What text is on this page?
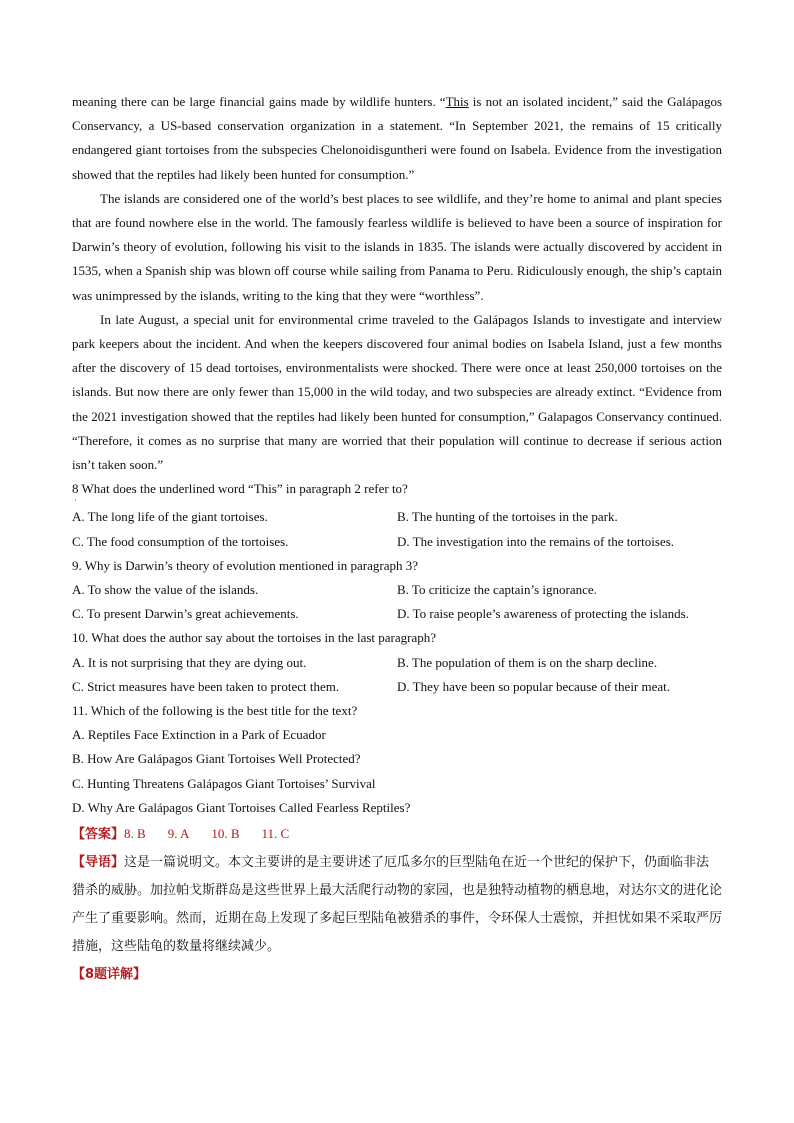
meaning there can be large financial gains made by wildlife hunters. “This is not an isolated incident,” said the Galápagos Conservancy, a US-based conservation organization in a statement. “In September 2021, the remains of 15 critically endangered giant tortoises from the subspecies Chelonoidisguntheri were found on Isabela. Evidence from the investigation showed that the reptiles had likely been hunted for consumption.”

The islands are considered one of the world’s best places to see wildlife, and they’re home to animal and plant species that are found nowhere else in the world. The famously fearless wildlife is believed to have been a source of inspiration for Darwin’s theory of evolution, following his visit to the islands in 1835. The islands were actually discovered by accident in 1535, when a Spanish ship was blown off course while sailing from Panama to Peru. Ridiculously enough, the ship’s captain was unimpressed by the islands, writing to the king that they were “worthless”.

In late August, a special unit for environmental crime traveled to the Galápagos Islands to investigate and interview park keepers about the incident. And when the keepers discovered four animal bodies on Isabela Island, just a few months after the discovery of 15 dead tortoises, environmentalists were shocked. There were once at least 250,000 tortoises on the islands. But now there are only fewer than 15,000 in the wild today, and two subspecies are already extinct. “Evidence from the 2021 investigation showed that the reptiles had likely been hunted for consumption,” Galapagos Conservancy continued. “Therefore, it comes as no surprise that many are worried that their population will continue to decrease if serious action isn’t taken soon.”

8 What does the underlined word “This” in paragraph 2 refer to?

·
A. The long life of the giant tortoises.	B. The hunting of the tortoises in the park.
C. The food consumption of the tortoises.	D. The investigation into the remains of the tortoises.

9. Why is Darwin’s theory of evolution mentioned in paragraph 3?

A. To show the value of the islands.	B. To criticize the captain’s ignorance.
C. To present Darwin’s great achievements.	D. To raise people’s awareness of protecting the islands.

10. What does the author say about the tortoises in the last paragraph?

A. It is not surprising that they are dying out.	B. The population of them is on the sharp decline.
C. Strict measures have been taken to protect them.	D. They have been so popular because of their meat.

11. Which of the following is the best title for the text?

A. Reptiles Face Extinction in a Park of Ecuador
B. How Are Galápagos Giant Tortoises Well Protected?
C. Hunting Threatens Galápagos Giant Tortoises’ Survival
D. Why Are Galápagos Giant Tortoises Called Fearless Reptiles?
【答案】8. B 9. A 10. B 11. C
【导语】这是一篇说明文。本文主要讲的是主要讲述了厄瓜多尔的巨型陆龟在近一个世纪的保护下，仍面临非法猎杀的威胁。加拉帕戈斯群岛是这些世界上最大活爬行动物的家园，也是独特动植物的栖息地，对达尔文的进化论产生了重要影响。然而，近期在岛上发现了多起巨型陆龟被猎杀的事件，令环保人士震惊，并担忧如果不采取严厉措施，这些陆龟的数量将继续减少。
【8题详解】
